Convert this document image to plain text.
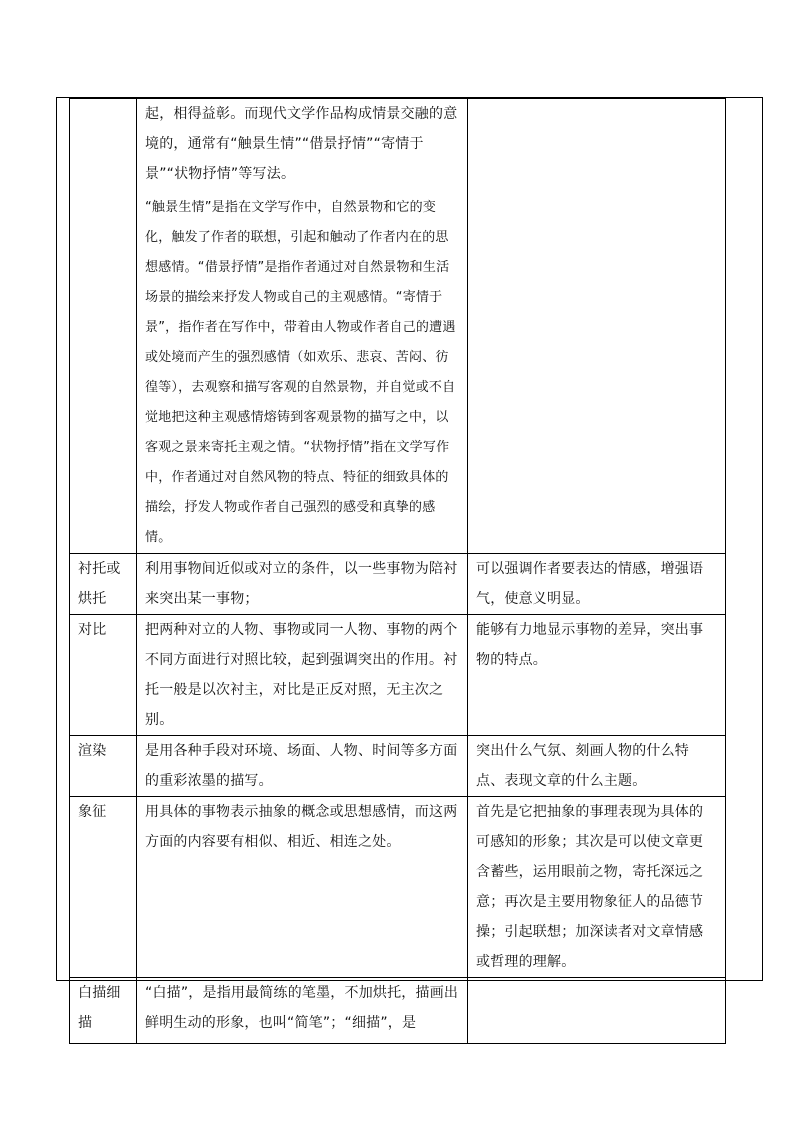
	起，相得益彰。而现代文学作品构成情景交融的意境的，通常有“触景生情”“借景抒情”“寄情于景”“状物抒情”等写法。
“触景生情”是指在文学写作中，自然景物和它的变化，触发了作者的联想，引起和触动了作者内在的思想感情。“借景抒情”是指作者通过对自然景物和生活场景的描绘来抒发人物或自己的主观感情。“寄情于景”，指作者在写作中，带着由人物或作者自己的遭遇或处境而产生的强烈感情（如欢乐、悲哀、苦闷、彷徨等），去观察和描写客观的自然景物，并自觉或不自觉地把这种主观感情熔铸到客观景物的描写之中，以客观之景来寄托主观之情。“状物抒情”指在文学写作中，作者通过对自然风物的特点、特征的细致具体的描绘，抒发人物或作者自己强烈的感受和真挚的感情。	

衬托或烘托	利用事物间近似或对立的条件，以一些事物为陪衬来突出某一事物；	可以强调作者要表达的情感，增强语气，使意义明显。
对比	把两种对立的人物、事物或同一人物、事物的两个不同方面进行对照比较，起到强调突出的作用。衬托一般是以次衬主，对比是正反对照，无主次之别。	能够有力地显示事物的差异，突出事物的特点。
渲染	是用各种手段对环境、场面、人物、时间等多方面的重彩浓墨的描写。	突出什么气氛、刻画人物的什么特点、表现文章的什么主题。
象征	用具体的事物表示抽象的概念或思想感情，而这两方面的内容要有相似、相近、相连之处。	首先是它把抽象的事理表现为具体的可感知的形象；其次是可以使文章更含蓄些，运用眼前之物，寄托深远之意；再次是主要用物象征人的品德节操；引起联想；加深读者对文章情感或哲理的理解。
白描细描	“白描”，是指用最简练的笔墨，不加烘托，描画出鲜明生动的形象，也叫“简笔”；“细描”，是	
